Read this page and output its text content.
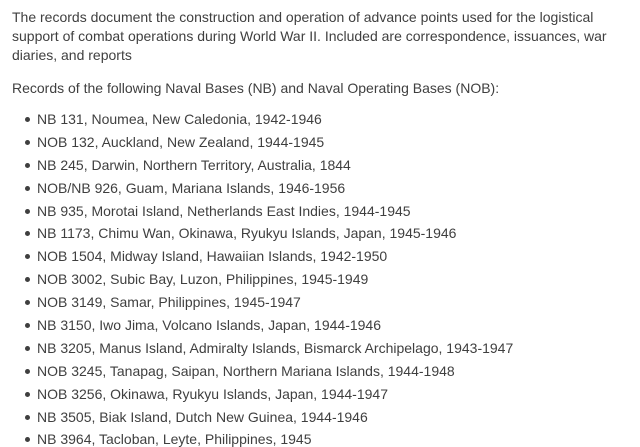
The records document the construction and operation of advance points used for the logistical support of combat operations during World War II. Included are correspondence, issuances, war diaries, and reports

Records of the following Naval Bases (NB) and Naval Operating Bases (NOB):

NB 131, Noumea, New Caledonia, 1942-1946
NOB 132, Auckland, New Zealand, 1944-1945
NB 245, Darwin, Northern Territory, Australia, 1844
NOB/NB 926, Guam, Mariana Islands, 1946-1956
NB 935, Morotai Island, Netherlands East Indies, 1944-1945
NB 1173, Chimu Wan, Okinawa, Ryukyu Islands, Japan, 1945-1946
NOB 1504, Midway Island, Hawaiian Islands, 1942-1950
NOB 3002, Subic Bay, Luzon, Philippines, 1945-1949
NOB 3149, Samar, Philippines, 1945-1947
NB 3150, Iwo Jima, Volcano Islands, Japan, 1944-1946
NB 3205, Manus Island, Admiralty Islands, Bismarck Archipelago, 1943-1947
NOB 3245, Tanapag, Saipan, Northern Mariana Islands, 1944-1948
NOB 3256, Okinawa, Ryukyu Islands, Japan, 1944-1947
NB 3505, Biak Island, Dutch New Guinea, 1944-1946
NB 3964, Tacloban, Leyte, Philippines, 1945
